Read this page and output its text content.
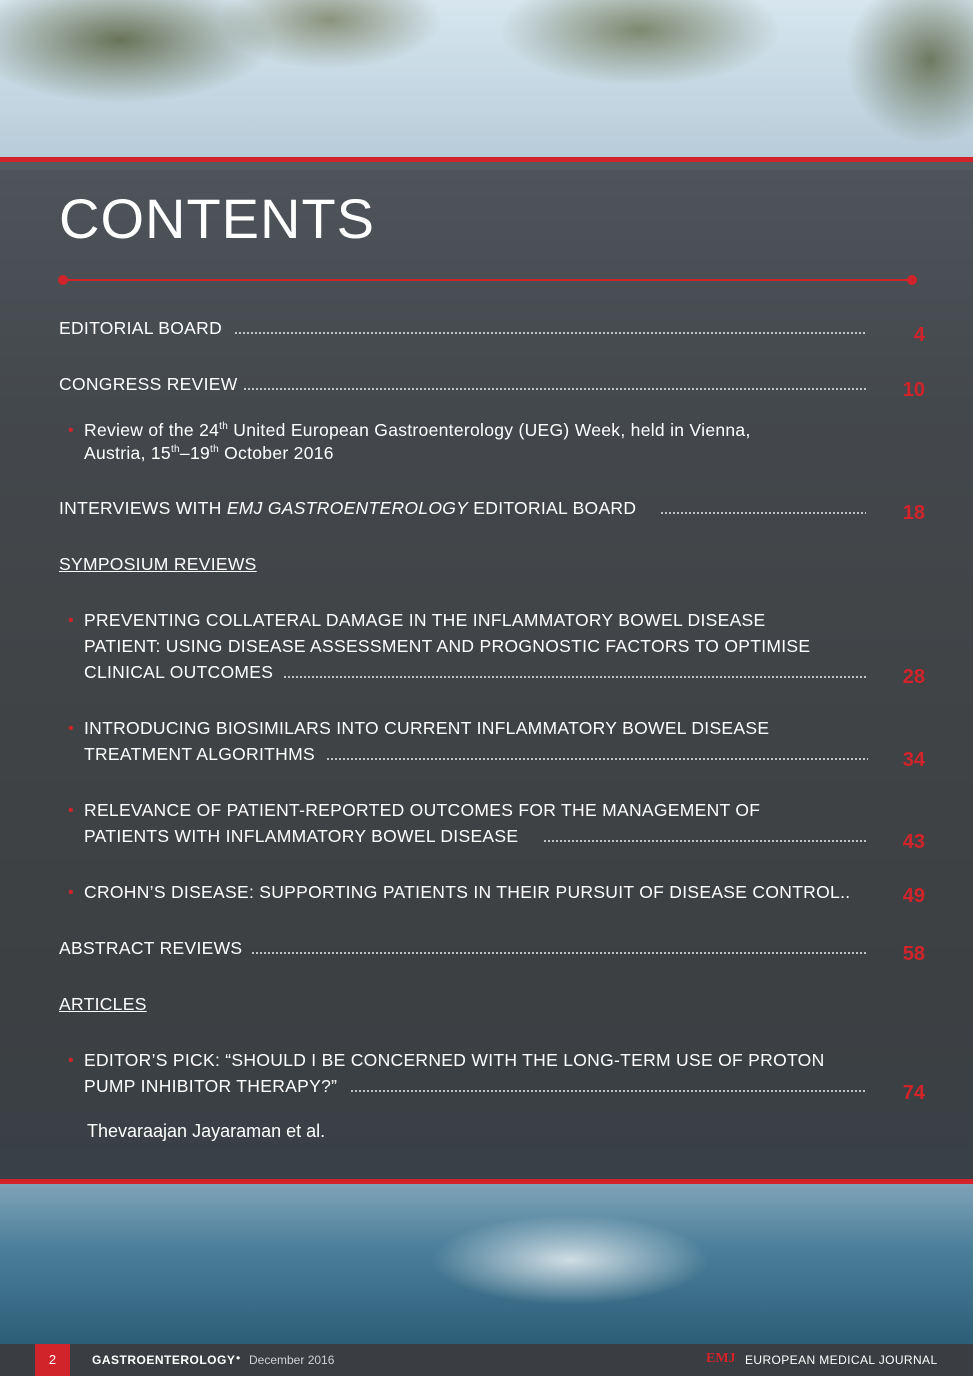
CONTENTS
EDITORIAL BOARD	4
CONGRESS REVIEW	10
• Review of the 24th United European Gastroenterology (UEG) Week, held in Vienna,
Austria, 15th–19th October 2016
INTERVIEWS WITH EMJ GASTROENTEROLOGY EDITORIAL BOARD	18
SYMPOSIUM REVIEWS
• PREVENTING COLLATERAL DAMAGE IN THE INFLAMMATORY BOWEL DISEASE
PATIENT: USING DISEASE ASSESSMENT AND PROGNOSTIC FACTORS TO OPTIMISE
CLINICAL OUTCOMES	28
• INTRODUCING BIOSIMILARS INTO CURRENT INFLAMMATORY BOWEL DISEASE
TREATMENT ALGORITHMS	34
• RELEVANCE OF PATIENT-REPORTED OUTCOMES FOR THE MANAGEMENT OF
PATIENTS WITH INFLAMMATORY BOWEL DISEASE	43
• CROHN’S DISEASE: SUPPORTING PATIENTS IN THEIR PURSUIT OF DISEASE CONTROL..	49
ABSTRACT REVIEWS	58
ARTICLES
• EDITOR’S PICK: “SHOULD I BE CONCERNED WITH THE LONG-TERM USE OF PROTON
PUMP INHIBITOR THERAPY?”	74
Thevaraajan Jayaraman et al.
2	GASTROENTEROLOGY • December 2016	EMJ EUROPEAN MEDICAL JOURNAL
